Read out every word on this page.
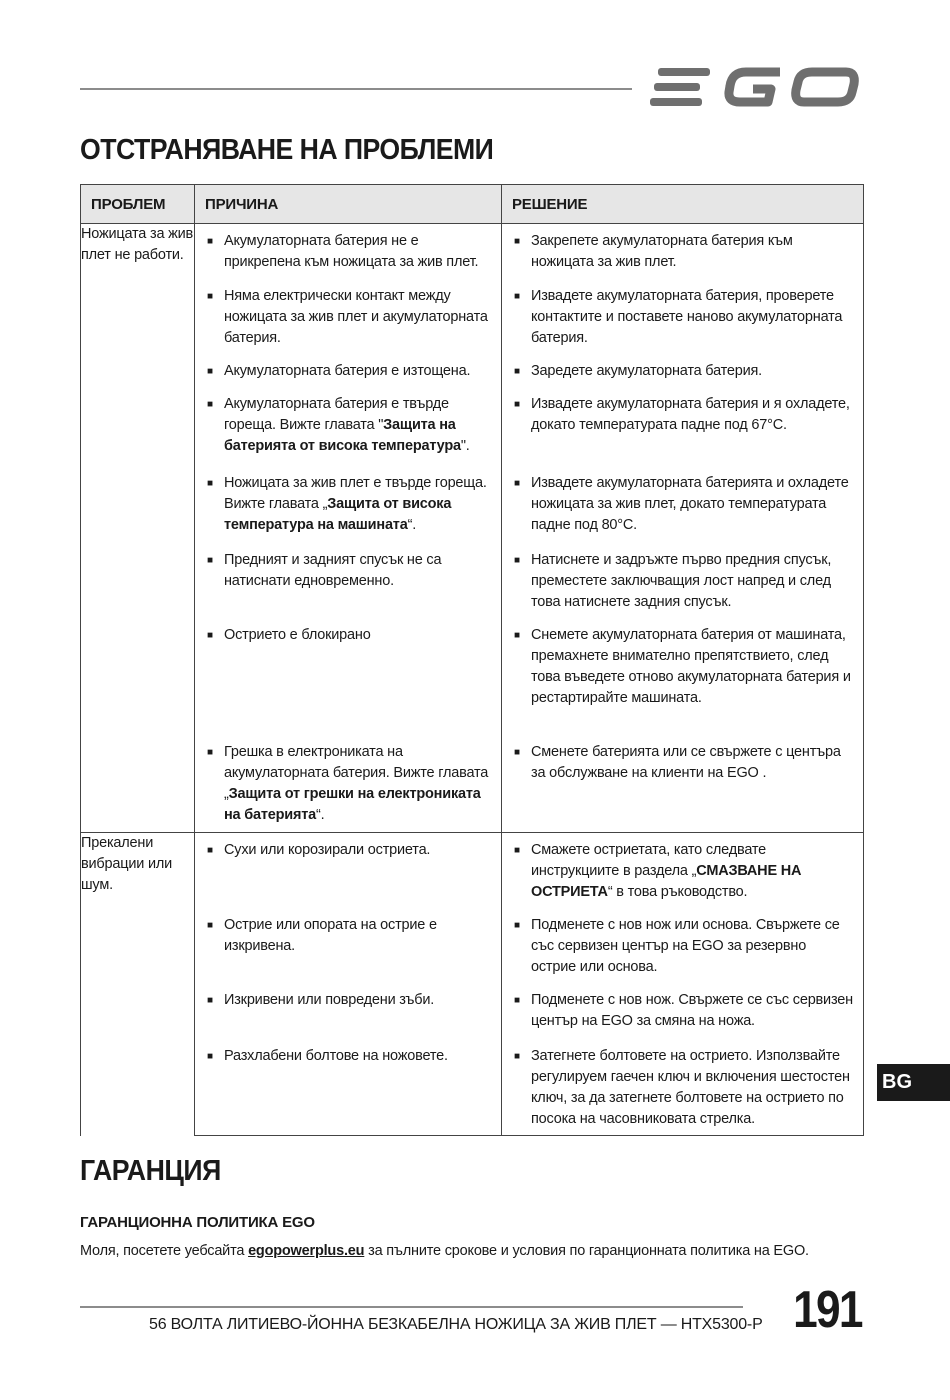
ОТСТРАНЯВАНЕ НА ПРОБЛЕМИ
ПРОБЛЕМ	ПРИЧИНА	РЕШЕНИЕ

Ножицата за жив плет не работи.	■ Акумулаторната батерия не е прикрепена към ножицата за жив плет.	■ Закрепете акумулаторната батерия към ножицата за жив плет.

	■ Няма електрически контакт между ножицата за жив плет и акумулаторната батерия.	■ Извадете акумулаторната батерия, проверете контактите и поставете наново акумулаторната батерия.

	■ Акумулаторната батерия е изтощена.	■ Заредете акумулаторната батерия.

	■ Акумулаторната батерия е твърде гореща. Вижте главата "Защита на батерията от висока температура".	■ Извадете акумулаторната батерия и я охладете, докато температурата падне под 67°C.

	■ Ножицата за жив плет е твърде гореща. Вижте главата „Защита от висока температура на машината“.	■ Извадете акумулаторната батерията и охладете ножицата за жив плет, докато температурата падне под 80°C.

	■ Предният и задният спусък не са натиснати едновременно.	■ Натиснете и задръжте първо предния спусък, преместете заключващия лост напред и след това натиснете задния спусък.

	■ Острието е блокирано	■ Снемете акумулаторната батерия от машината, премахнете внимателно препятствието, след това въведете отново акумулаторната батерия и рестартирайте машината.

	■ Грешка в електрониката на акумулаторната батерия. Вижте главата „Защита от грешки на електрониката на батерията“.	■ Сменете батерията или се свържете с центъра за обслужване на клиенти на EGO .

Прекалени вибрации или шум.	■ Сухи или корозирали остриета.	■ Смажете остриетата, като следвате инструкциите в раздела „СМАЗВАНЕ НА ОСТРИЕТА“ в това ръководство.

	■ Острие или опората на острие е изкривена.	■ Подменете с нов нож или основа. Свържете се със сервизен център на EGO за резервно острие или основа.

	■ Изкривени или повредени зъби.	■ Подменете с нов нож. Свържете се със сервизен център на EGO за смяна на ножа.

	■ Разхлабени болтове на ножовете.	■ Затегнете болтовете на острието. Използвайте регулируем гаечен ключ и включения шестостен ключ, за да затегнете болтовете на острието по посока на часовниковата стрелка.
BG
ГАРАНЦИЯ
ГАРАНЦИОННА ПОЛИТИКА EGO

Моля, посетете уебсайта egopowerplus.eu за пълните срокове и условия по гаранционната политика на EGO.

56 ВОЛТА ЛИТИЕВО-ЙОННА БЕЗКАБЕЛНА НОЖИЦА ЗА ЖИВ ПЛЕТ — HTX5300-P 191
